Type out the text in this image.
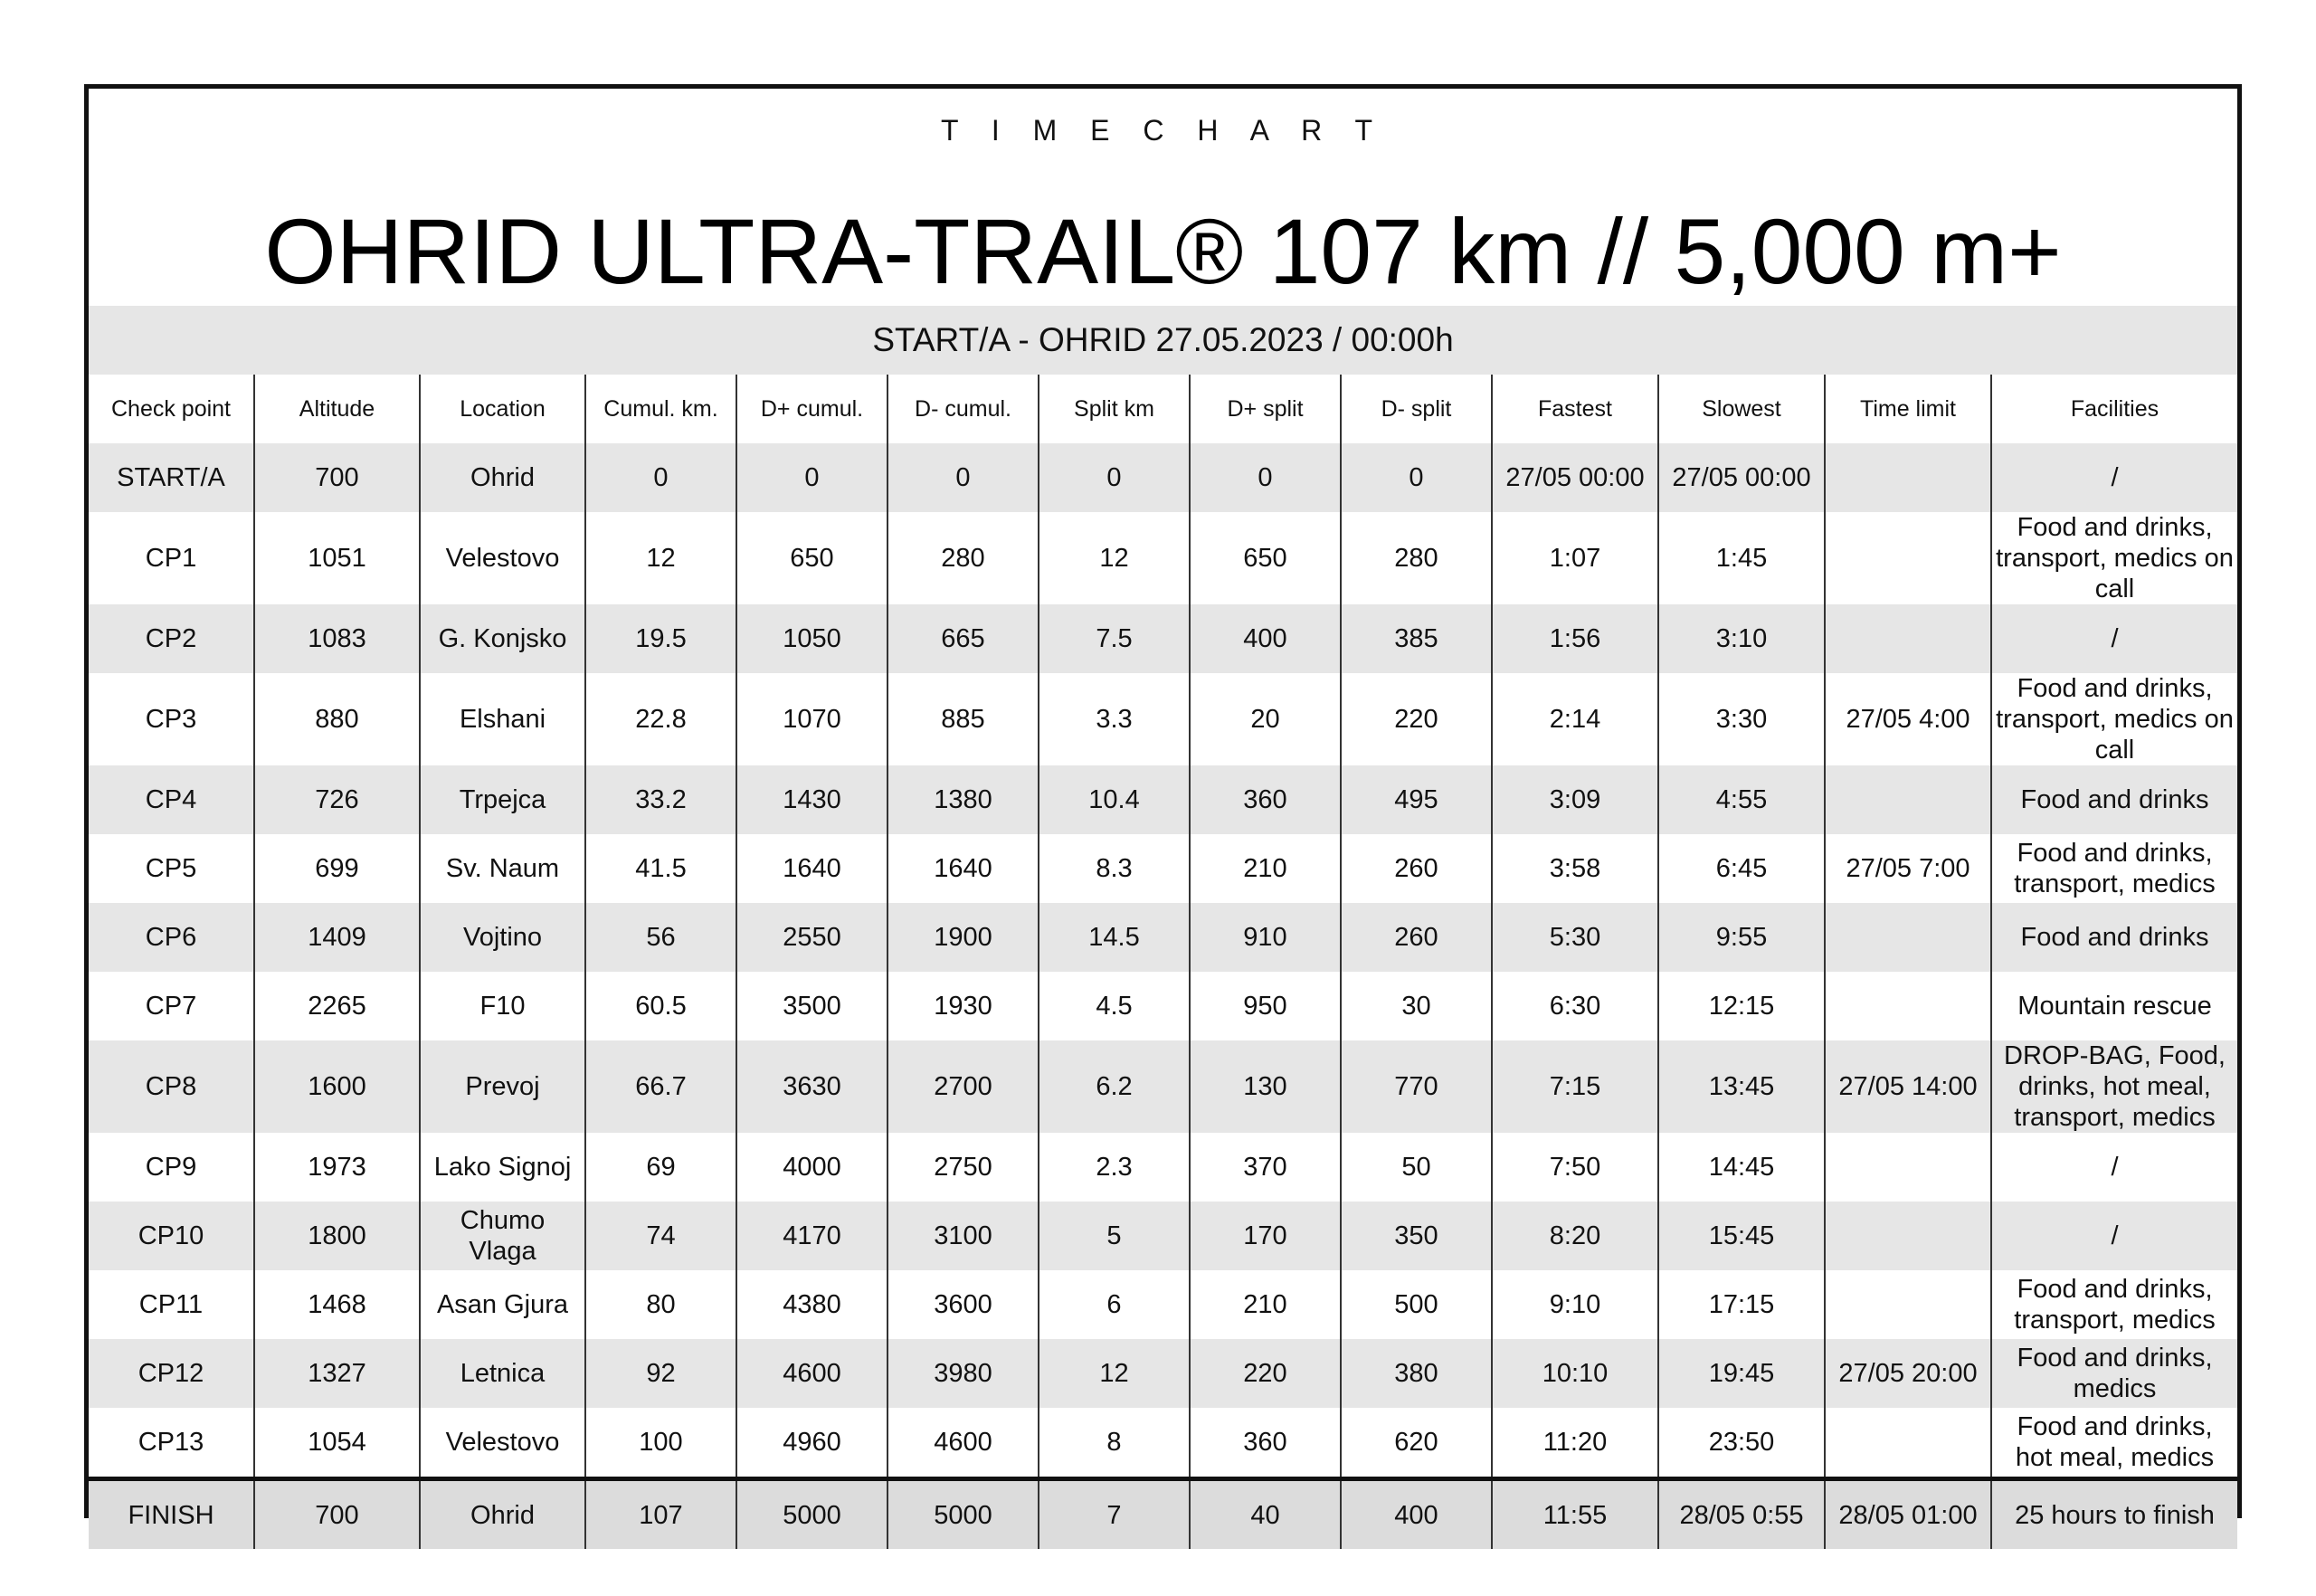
T I M E C H A R T
OHRID ULTRA-TRAIL® 107 km // 5,000 m+
START/A - OHRID 27.05.2023 / 00:00h
Check point	Altitude	Location	Cumul. km.	D+ cumul.	D- cumul.	Split km	D+ split	D- split	Fastest	Slowest	Time limit	Facilities
START/A	700	Ohrid	0	0	0	0	0	0	27/05 00:00	27/05 00:00		/
CP1	1051	Velestovo	12	650	280	12	650	280	1:07	1:45		Food and drinks, transport, medics on call
CP2	1083	G. Konjsko	19.5	1050	665	7.5	400	385	1:56	3:10		/
CP3	880	Elshani	22.8	1070	885	3.3	20	220	2:14	3:30	27/05 4:00	Food and drinks, transport, medics on call
CP4	726	Trpejca	33.2	1430	1380	10.4	360	495	3:09	4:55		Food and drinks
CP5	699	Sv. Naum	41.5	1640	1640	8.3	210	260	3:58	6:45	27/05 7:00	Food and drinks, transport, medics
CP6	1409	Vojtino	56	2550	1900	14.5	910	260	5:30	9:55		Food and drinks
CP7	2265	F10	60.5	3500	1930	4.5	950	30	6:30	12:15		Mountain rescue
CP8	1600	Prevoj	66.7	3630	2700	6.2	130	770	7:15	13:45	27/05 14:00	DROP-BAG, Food, drinks, hot meal, transport, medics
CP9	1973	Lako Signoj	69	4000	2750	2.3	370	50	7:50	14:45		/
CP10	1800	Chumo Vlaga	74	4170	3100	5	170	350	8:20	15:45		/
CP11	1468	Asan Gjura	80	4380	3600	6	210	500	9:10	17:15		Food and drinks, transport, medics
CP12	1327	Letnica	92	4600	3980	12	220	380	10:10	19:45	27/05 20:00	Food and drinks, medics
CP13	1054	Velestovo	100	4960	4600	8	360	620	11:20	23:50		Food and drinks, hot meal, medics
FINISH	700	Ohrid	107	5000	5000	7	40	400	11:55	28/05 0:55	28/05 01:00	25 hours to finish
